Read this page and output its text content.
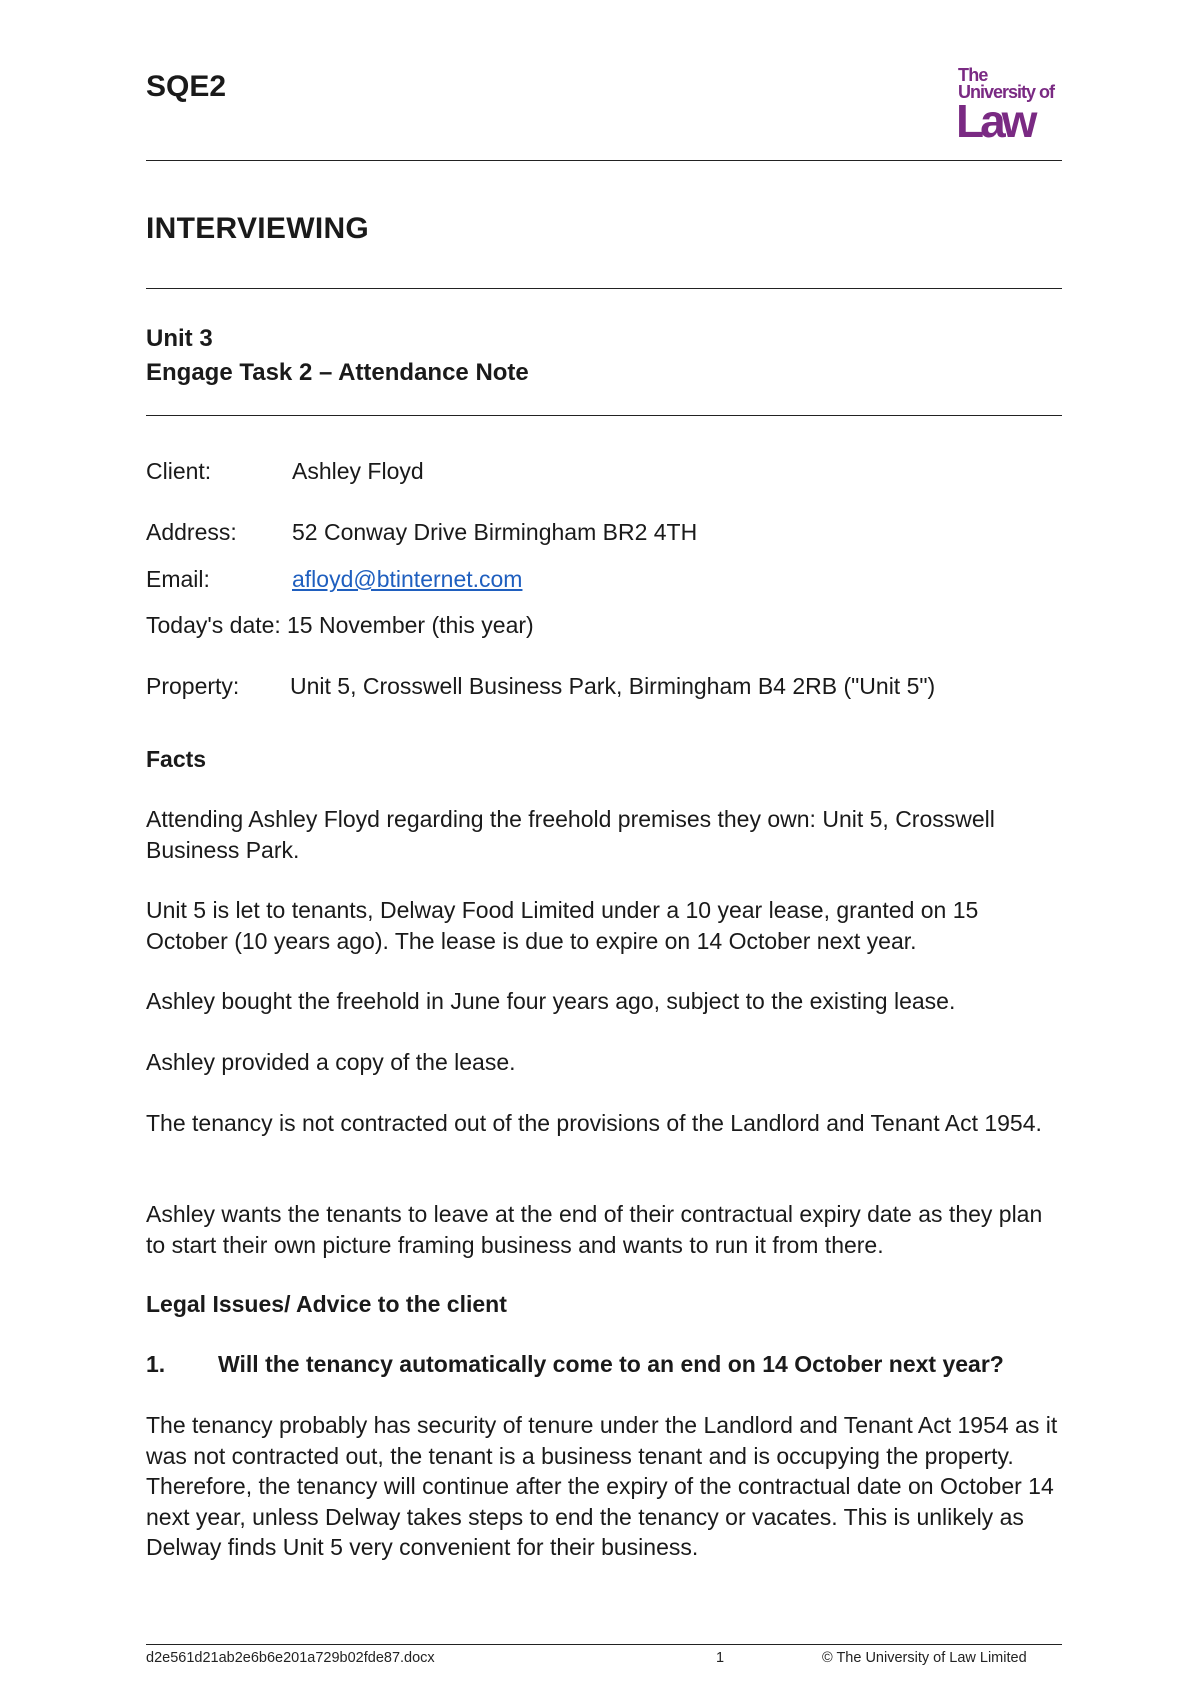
SQE2	The
University of
Law
INTERVIEWING
Unit 3
Engage Task 2 – Attendance Note
Client:	Ashley Floyd
Address: 52 Conway Drive Birmingham BR2 4TH
Email:	afloyd@btinternet.com
Today's date: 15 November (this year)
Property: Unit 5, Crosswell Business Park, Birmingham B4 2RB ("Unit 5")
Facts
Attending Ashley Floyd regarding the freehold premises they own: Unit 5, Crosswell Business Park.
Unit 5 is let to tenants, Delway Food Limited under a 10 year lease, granted on 15 October (10 years ago). The lease is due to expire on 14 October next year.
Ashley bought the freehold in June four years ago, subject to the existing lease.
Ashley provided a copy of the lease.
The tenancy is not contracted out of the provisions of the Landlord and Tenant Act 1954.
Ashley wants the tenants to leave at the end of their contractual expiry date as they plan to start their own picture framing business and wants to run it from there.
Legal Issues/ Advice to the client
1. Will the tenancy automatically come to an end on 14 October next year?
The tenancy probably has security of tenure under the Landlord and Tenant Act 1954 as it was not contracted out, the tenant is a business tenant and is occupying the property. Therefore, the tenancy will continue after the expiry of the contractual date on October 14 next year, unless Delway takes steps to end the tenancy or vacates. This is unlikely as Delway finds Unit 5 very convenient for their business.
d2e561d21ab2e6b6e201a729b02fde87.docx	1	© The University of Law Limited
